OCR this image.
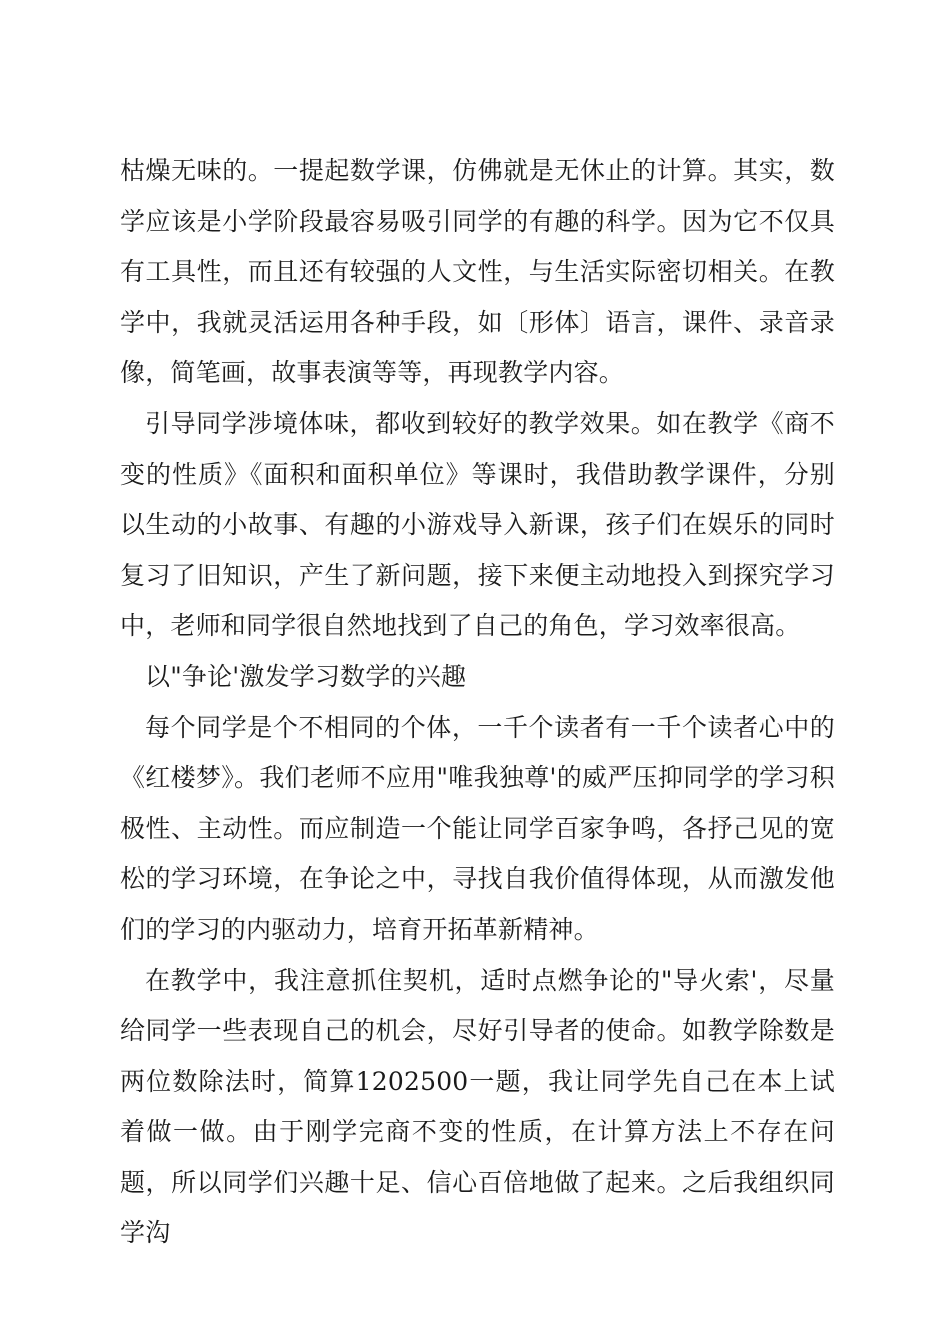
枯燥无味的。一提起数学课，仿佛就是无休止的计算。其实，数学应该是小学阶段最容易吸引同学的有趣的科学。因为它不仅具有工具性，而且还有较强的人文性，与生活实际密切相关。在教学中，我就灵活运用各种手段，如〔形体〕语言，课件、录音录像，简笔画，故事表演等等，再现教学内容。

引导同学涉境体味，都收到较好的教学效果。如在教学《商不变的性质》《面积和面积单位》等课时，我借助教学课件，分别以生动的小故事、有趣的小游戏导入新课，孩子们在娱乐的同时复习了旧知识，产生了新问题，接下来便主动地投入到探究学习中，老师和同学很自然地找到了自己的角色，学习效率很高。

以"争论'激发学习数学的兴趣

每个同学是个不相同的个体，一千个读者有一千个读者心中的《红楼梦》。我们老师不应用"唯我独尊'的威严压抑同学的学习积极性、主动性。而应制造一个能让同学百家争鸣，各抒己见的宽松的学习环境，在争论之中，寻找自我价值得体现，从而激发他们的学习的内驱动力，培育开拓革新精神。

在教学中，我注意抓住契机，适时点燃争论的"导火索'，尽量给同学一些表现自己的机会，尽好引导者的使命。如教学除数是两位数除法时，简算1202500一题，我让同学先自己在本上试着做一做。由于刚学完商不变的性质，在计算方法上不存在问题，所以同学们兴趣十足、信心百倍地做了起来。之后我组织同学沟
